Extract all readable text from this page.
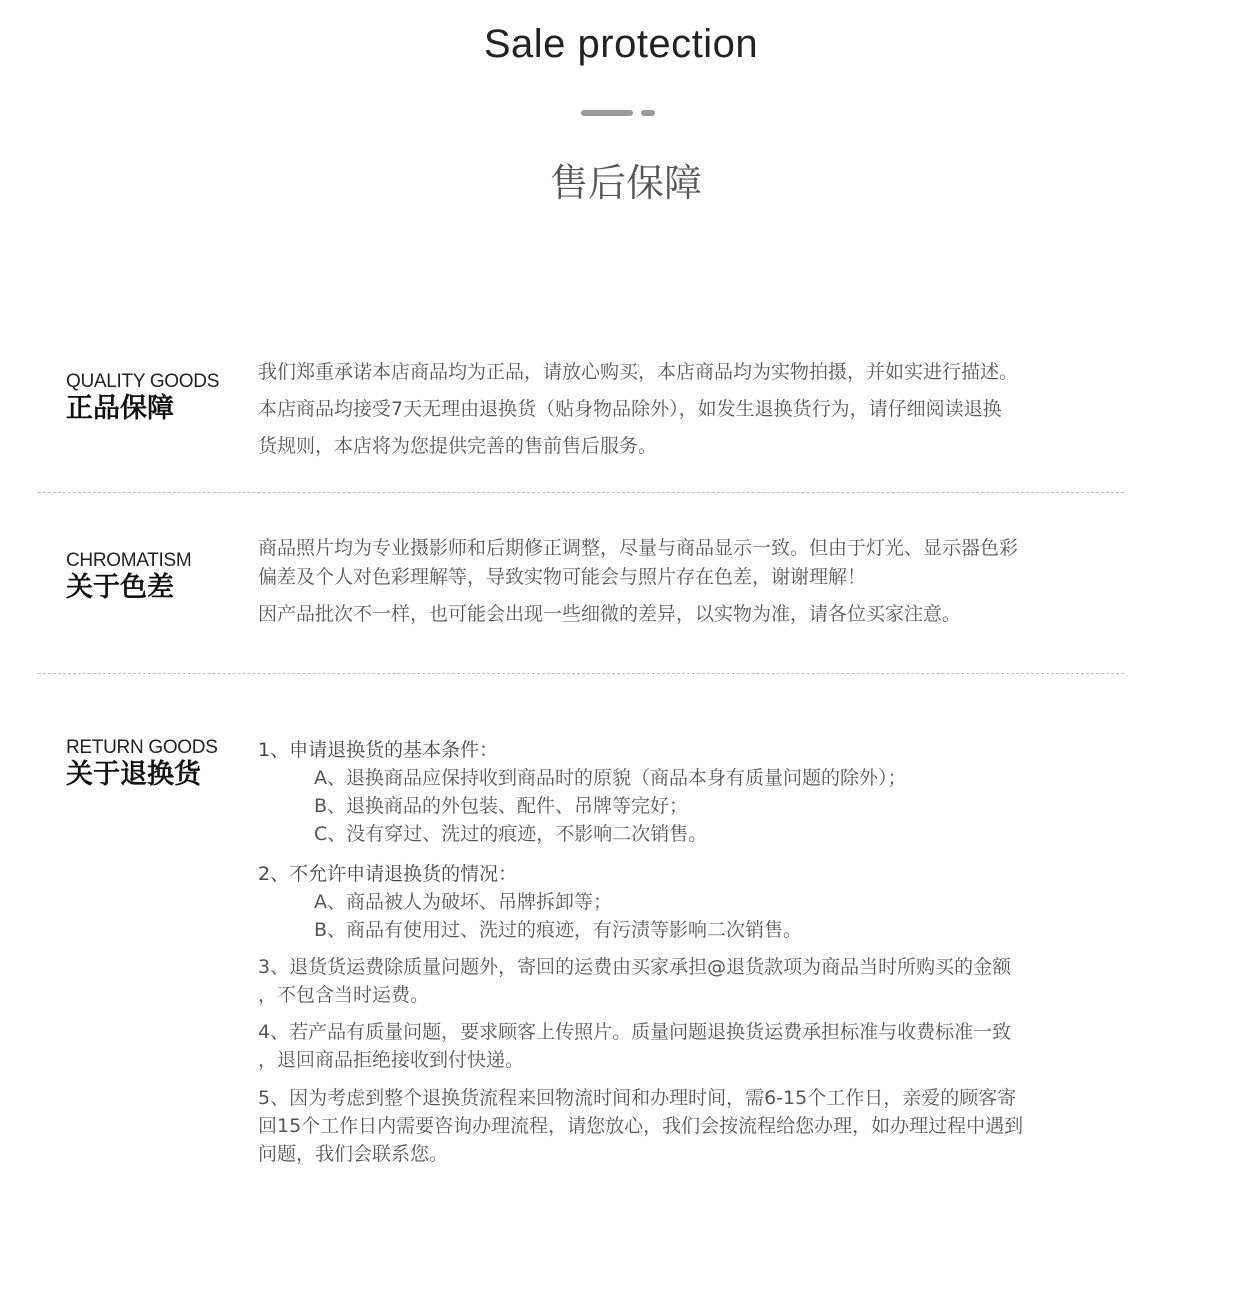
Sale protection
售后保障
QUALITY GOODS
正品保障

我们郑重承诺本店商品均为正品，请放心购买，本店商品均为实物拍摄，并如实进行描述。

本店商品均接受7天无理由退换货（贴身物品除外），如发生退换货行为，请仔细阅读退换

货规则，本店将为您提供完善的售前售后服务。

CHROMATISM
关于色差

商品照片均为专业摄影师和后期修正调整，尽量与商品显示一致。但由于灯光、显示器色彩

偏差及个人对色彩理解等，导致实物可能会与照片存在色差，谢谢理解！

因产品批次不一样，也可能会出现一些细微的差异，以实物为准，请各位买家注意。

RETURN GOODS
关于退换货
1、申请退换货的基本条件：
A、退换商品应保持收到商品时的原貌（商品本身有质量问题的除外）；
B、退换商品的外包装、配件、吊牌等完好；
C、没有穿过、洗过的痕迹，不影响二次销售。
2、不允许申请退换货的情况：
A、商品被人为破坏、吊牌拆卸等；
B、商品有使用过、洗过的痕迹，有污渍等影响二次销售。
3、退货货运费除质量问题外，寄回的运费由买家承担@退货款项为商品当时所购买的金额
，不包含当时运费。
4、若产品有质量问题，要求顾客上传照片。质量问题退换货运费承担标准与收费标准一致
，退回商品拒绝接收到付快递。
5、因为考虑到整个退换货流程来回物流时间和办理时间，需6-15个工作日，亲爱的顾客寄
回15个工作日内需要咨询办理流程，请您放心，我们会按流程给您办理，如办理过程中遇到
问题，我们会联系您。
